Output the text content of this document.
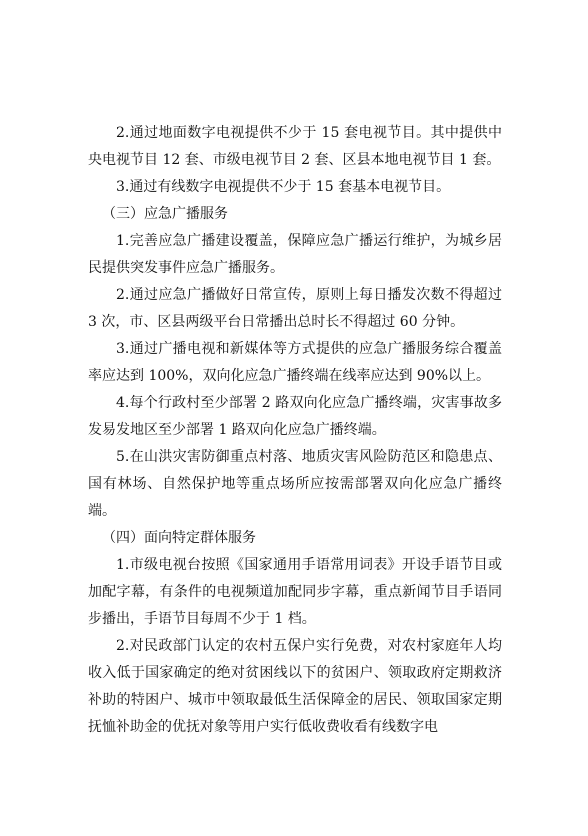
2.通过地面数字电视提供不少于 15 套电视节目。其中提供中央电视节目 12 套、市级电视节目 2 套、区县本地电视节目 1 套。

3.通过有线数字电视提供不少于 15 套基本电视节目。

（三）应急广播服务

1.完善应急广播建设覆盖，保障应急广播运行维护，为城乡居民提供突发事件应急广播服务。

2.通过应急广播做好日常宣传，原则上每日播发次数不得超过 3 次，市、区县两级平台日常播出总时长不得超过 60 分钟。

3.通过广播电视和新媒体等方式提供的应急广播服务综合覆盖率应达到 100%，双向化应急广播终端在线率应达到 90%以上。

4.每个行政村至少部署 2 路双向化应急广播终端，灾害事故多发易发地区至少部署 1 路双向化应急广播终端。

5.在山洪灾害防御重点村落、地质灾害风险防范区和隐患点、国有林场、自然保护地等重点场所应按需部署双向化应急广播终端。

（四）面向特定群体服务

1.市级电视台按照《国家通用手语常用词表》开设手语节目或加配字幕，有条件的电视频道加配同步字幕，重点新闻节目手语同步播出，手语节目每周不少于 1 档。

2.对民政部门认定的农村五保户实行免费，对农村家庭年人均收入低于国家确定的绝对贫困线以下的贫困户、领取政府定期救济补助的特困户、城市中领取最低生活保障金的居民、领取国家定期抚恤补助金的优抚对象等用户实行低收费收看有线数字电
